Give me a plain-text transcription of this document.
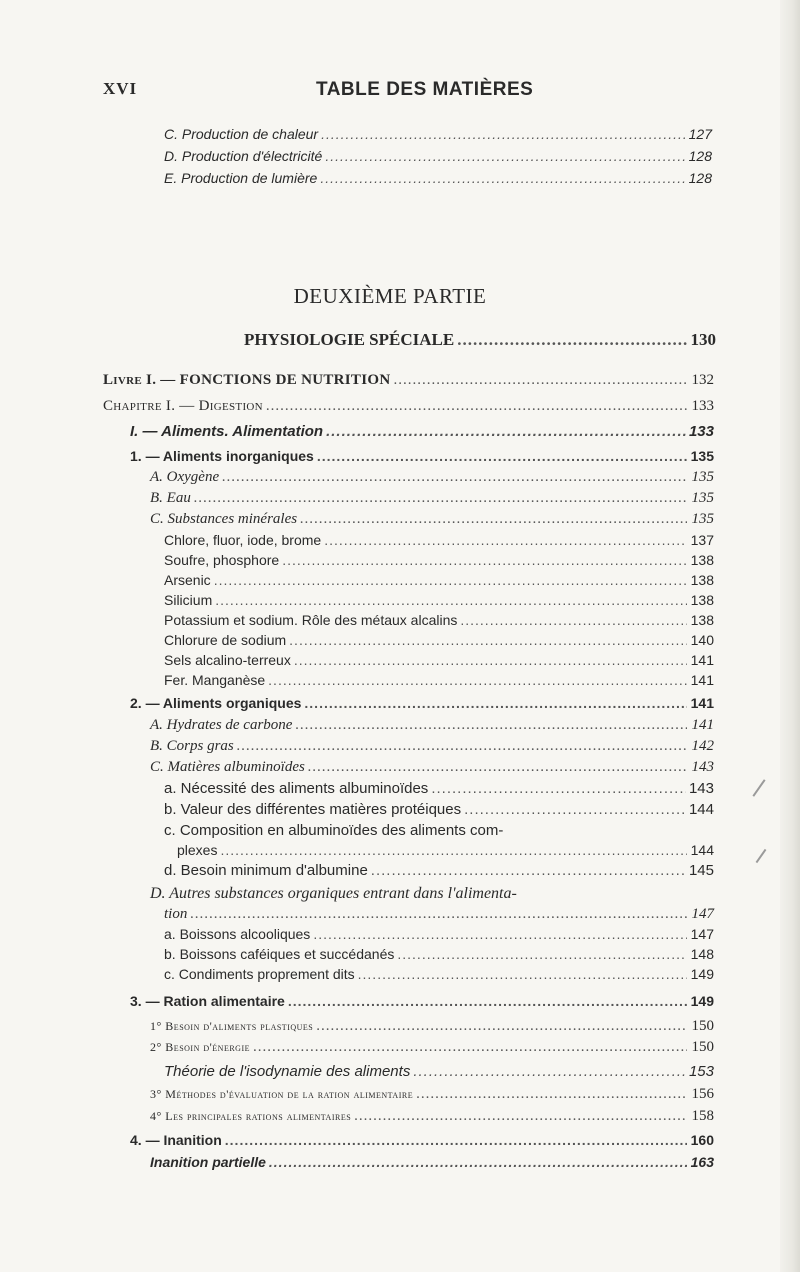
XVI	TABLE DES MATIÈRES
DEUXIÈME PARTIE
C. Production de chaleur .....	127
D. Production d'électricité .....	128
E. Production de lumière .....	128
PHYSIOLOGIE SPÉCIALE .....	130
Livre I. — FONCTIONS DE NUTRITION .....	132
Chapitre I. — Digestion .....	133
I. — Aliments. Alimentation .....	133
1. — Aliments inorganiques .....	135
A. Oxygène .....	135
B. Eau .....	135
C. Substances minérales .....	135
Chlore, fluor, iode, brome .....	137
Soufre, phosphore .....	138
Arsenic .....	138
Silicium .....	138
Potassium et sodium. Rôle des métaux alcalins .....	138
Chlorure de sodium .....	140
Sels alcalino-terreux .....	141
Fer. Manganèse .....	141
2. — Aliments organiques .....	141
A. Hydrates de carbone .....	141
B. Corps gras .....	142
C. Matières albuminoïdes .....	143
a. Nécessité des aliments albuminoïdes .....	143
b. Valeur des différentes matières protéiques .....	144
c. Composition en albuminoïdes des aliments com-
plexes .....	144
d. Besoin minimum d'albumine .....	145
D. Autres substances organiques entrant dans l'alimenta-
tion .....	147
a. Boissons alcooliques .....	147
b. Boissons caféiques et succédanés .....	148
c. Condiments proprement dits .....	149
3. — Ration alimentaire .....	149
1° Besoin d'aliments plastiques .....	150
2° Besoin d'énergie .....	150
Théorie de l'isodynamie des aliments .....	153
3° Méthodes d'évaluation de la ration alimentaire .....	156
4° Les principales rations alimentaires .....	158
4. — Inanition .....	160
Inanition partielle .....	163
